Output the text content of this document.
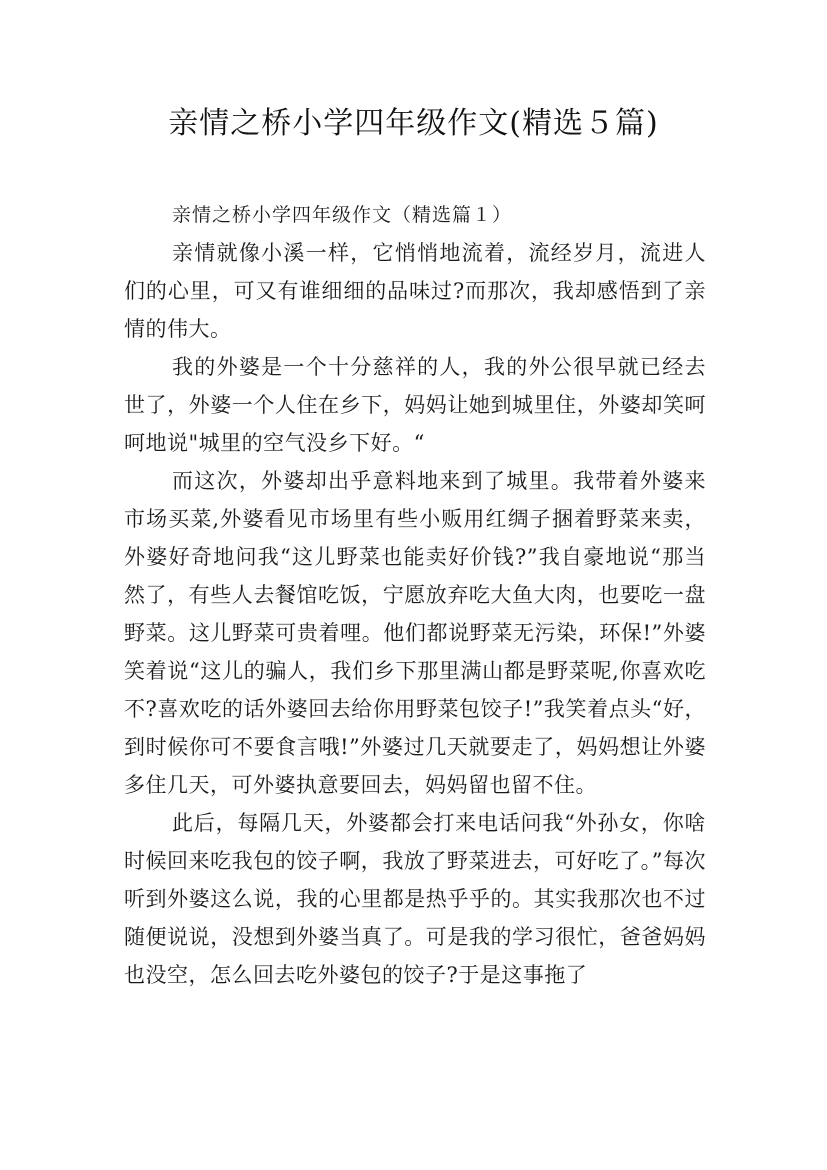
亲情之桥小学四年级作文(精选５篇)

亲情之桥小学四年级作文（精选篇１）

亲情就像小溪一样，它悄悄地流着，流经岁月，流进人们的心里，可又有谁细细的品味过?而那次，我却感悟到了亲情的伟大。

我的外婆是一个十分慈祥的人，我的外公很早就已经去世了，外婆一个人住在乡下，妈妈让她到城里住，外婆却笑呵呵地说"城里的空气没乡下好。“

而这次，外婆却出乎意料地来到了城里。我带着外婆来市场买菜,外婆看见市场里有些小贩用红绸子捆着野菜来卖，外婆好奇地问我“这儿野菜也能卖好价钱?”我自豪地说“那当然了，有些人去餐馆吃饭，宁愿放弃吃大鱼大肉，也要吃一盘野菜。这儿野菜可贵着哩。他们都说野菜无污染，环保!”外婆笑着说“这儿的骗人，我们乡下那里满山都是野菜呢,你喜欢吃不?喜欢吃的话外婆回去给你用野菜包饺子!”我笑着点头“好，到时候你可不要食言哦!”外婆过几天就要走了，妈妈想让外婆多住几天，可外婆执意要回去，妈妈留也留不住。

此后，每隔几天，外婆都会打来电话问我“外孙女，你啥时候回来吃我包的饺子啊，我放了野菜进去，可好吃了。”每次听到外婆这么说，我的心里都是热乎乎的。其实我那次也不过随便说说，没想到外婆当真了。可是我的学习很忙，爸爸妈妈也没空，怎么回去吃外婆包的饺子?于是这事拖了
